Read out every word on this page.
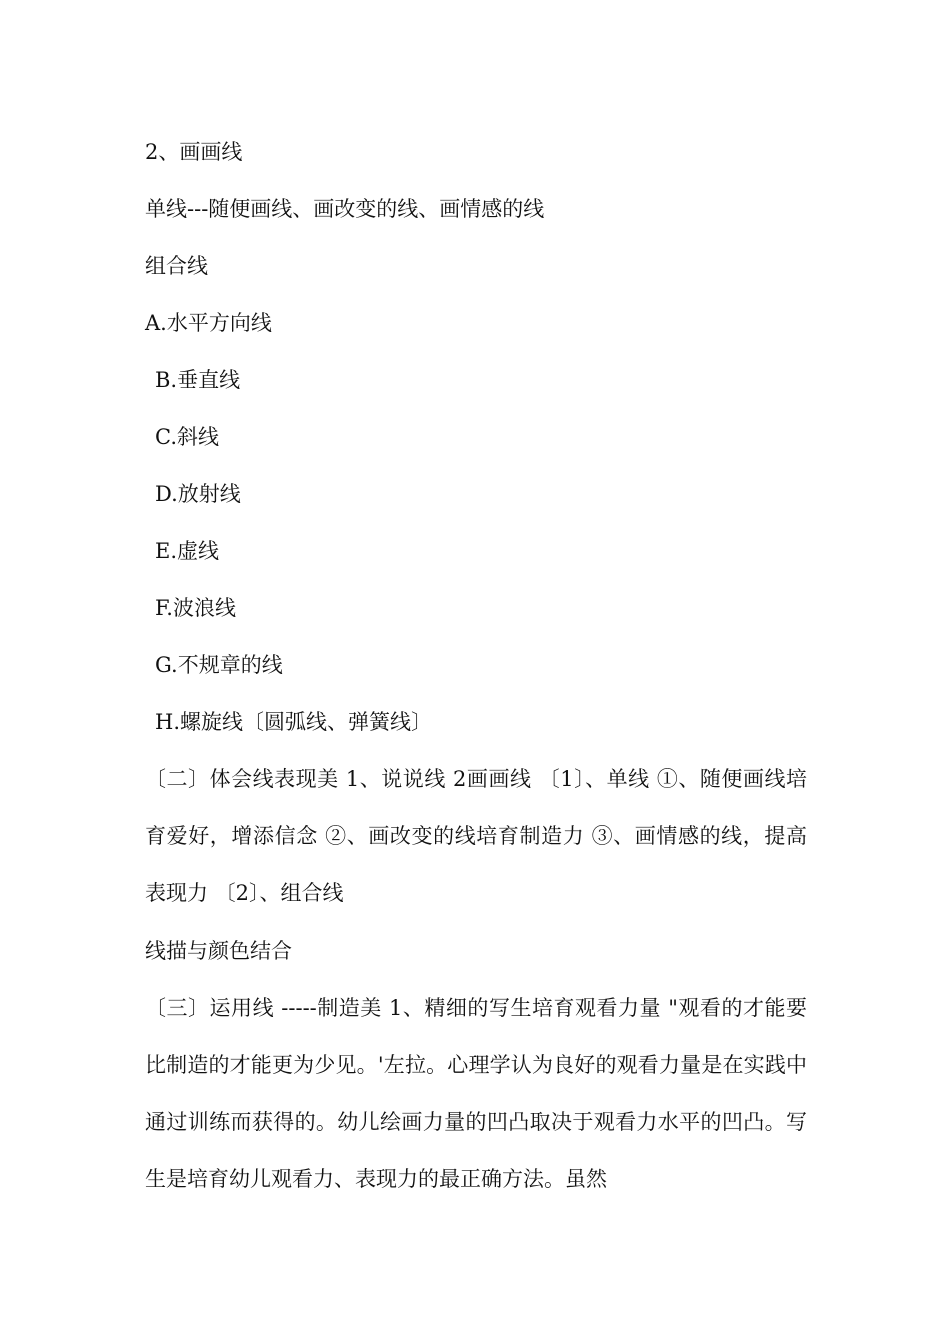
2、画画线
单线---随便画线、画改变的线、画情感的线
组合线
A.水平方向线
B.垂直线
C.斜线
D.放射线
E.虚线
F.波浪线
G.不规章的线
H.螺旋线〔圆弧线、弹簧线〕
〔二〕体会线表现美 1、说说线 2画画线 〔1〕、单线 ①、随便画线培育爱好，增添信念 ②、画改变的线培育制造力 ③、画情感的线，提高表现力 〔2〕、组合线
线描与颜色结合
〔三〕运用线 -----制造美 1、精细的写生培育观看力量 "观看的才能要比制造的才能更为少见。'左拉。心理学认为良好的观看力量是在实践中通过训练而获得的。幼儿绘画力量的凹凸取决于观看力水平的凹凸。写生是培育幼儿观看力、表现力的最正确方法。虽然
